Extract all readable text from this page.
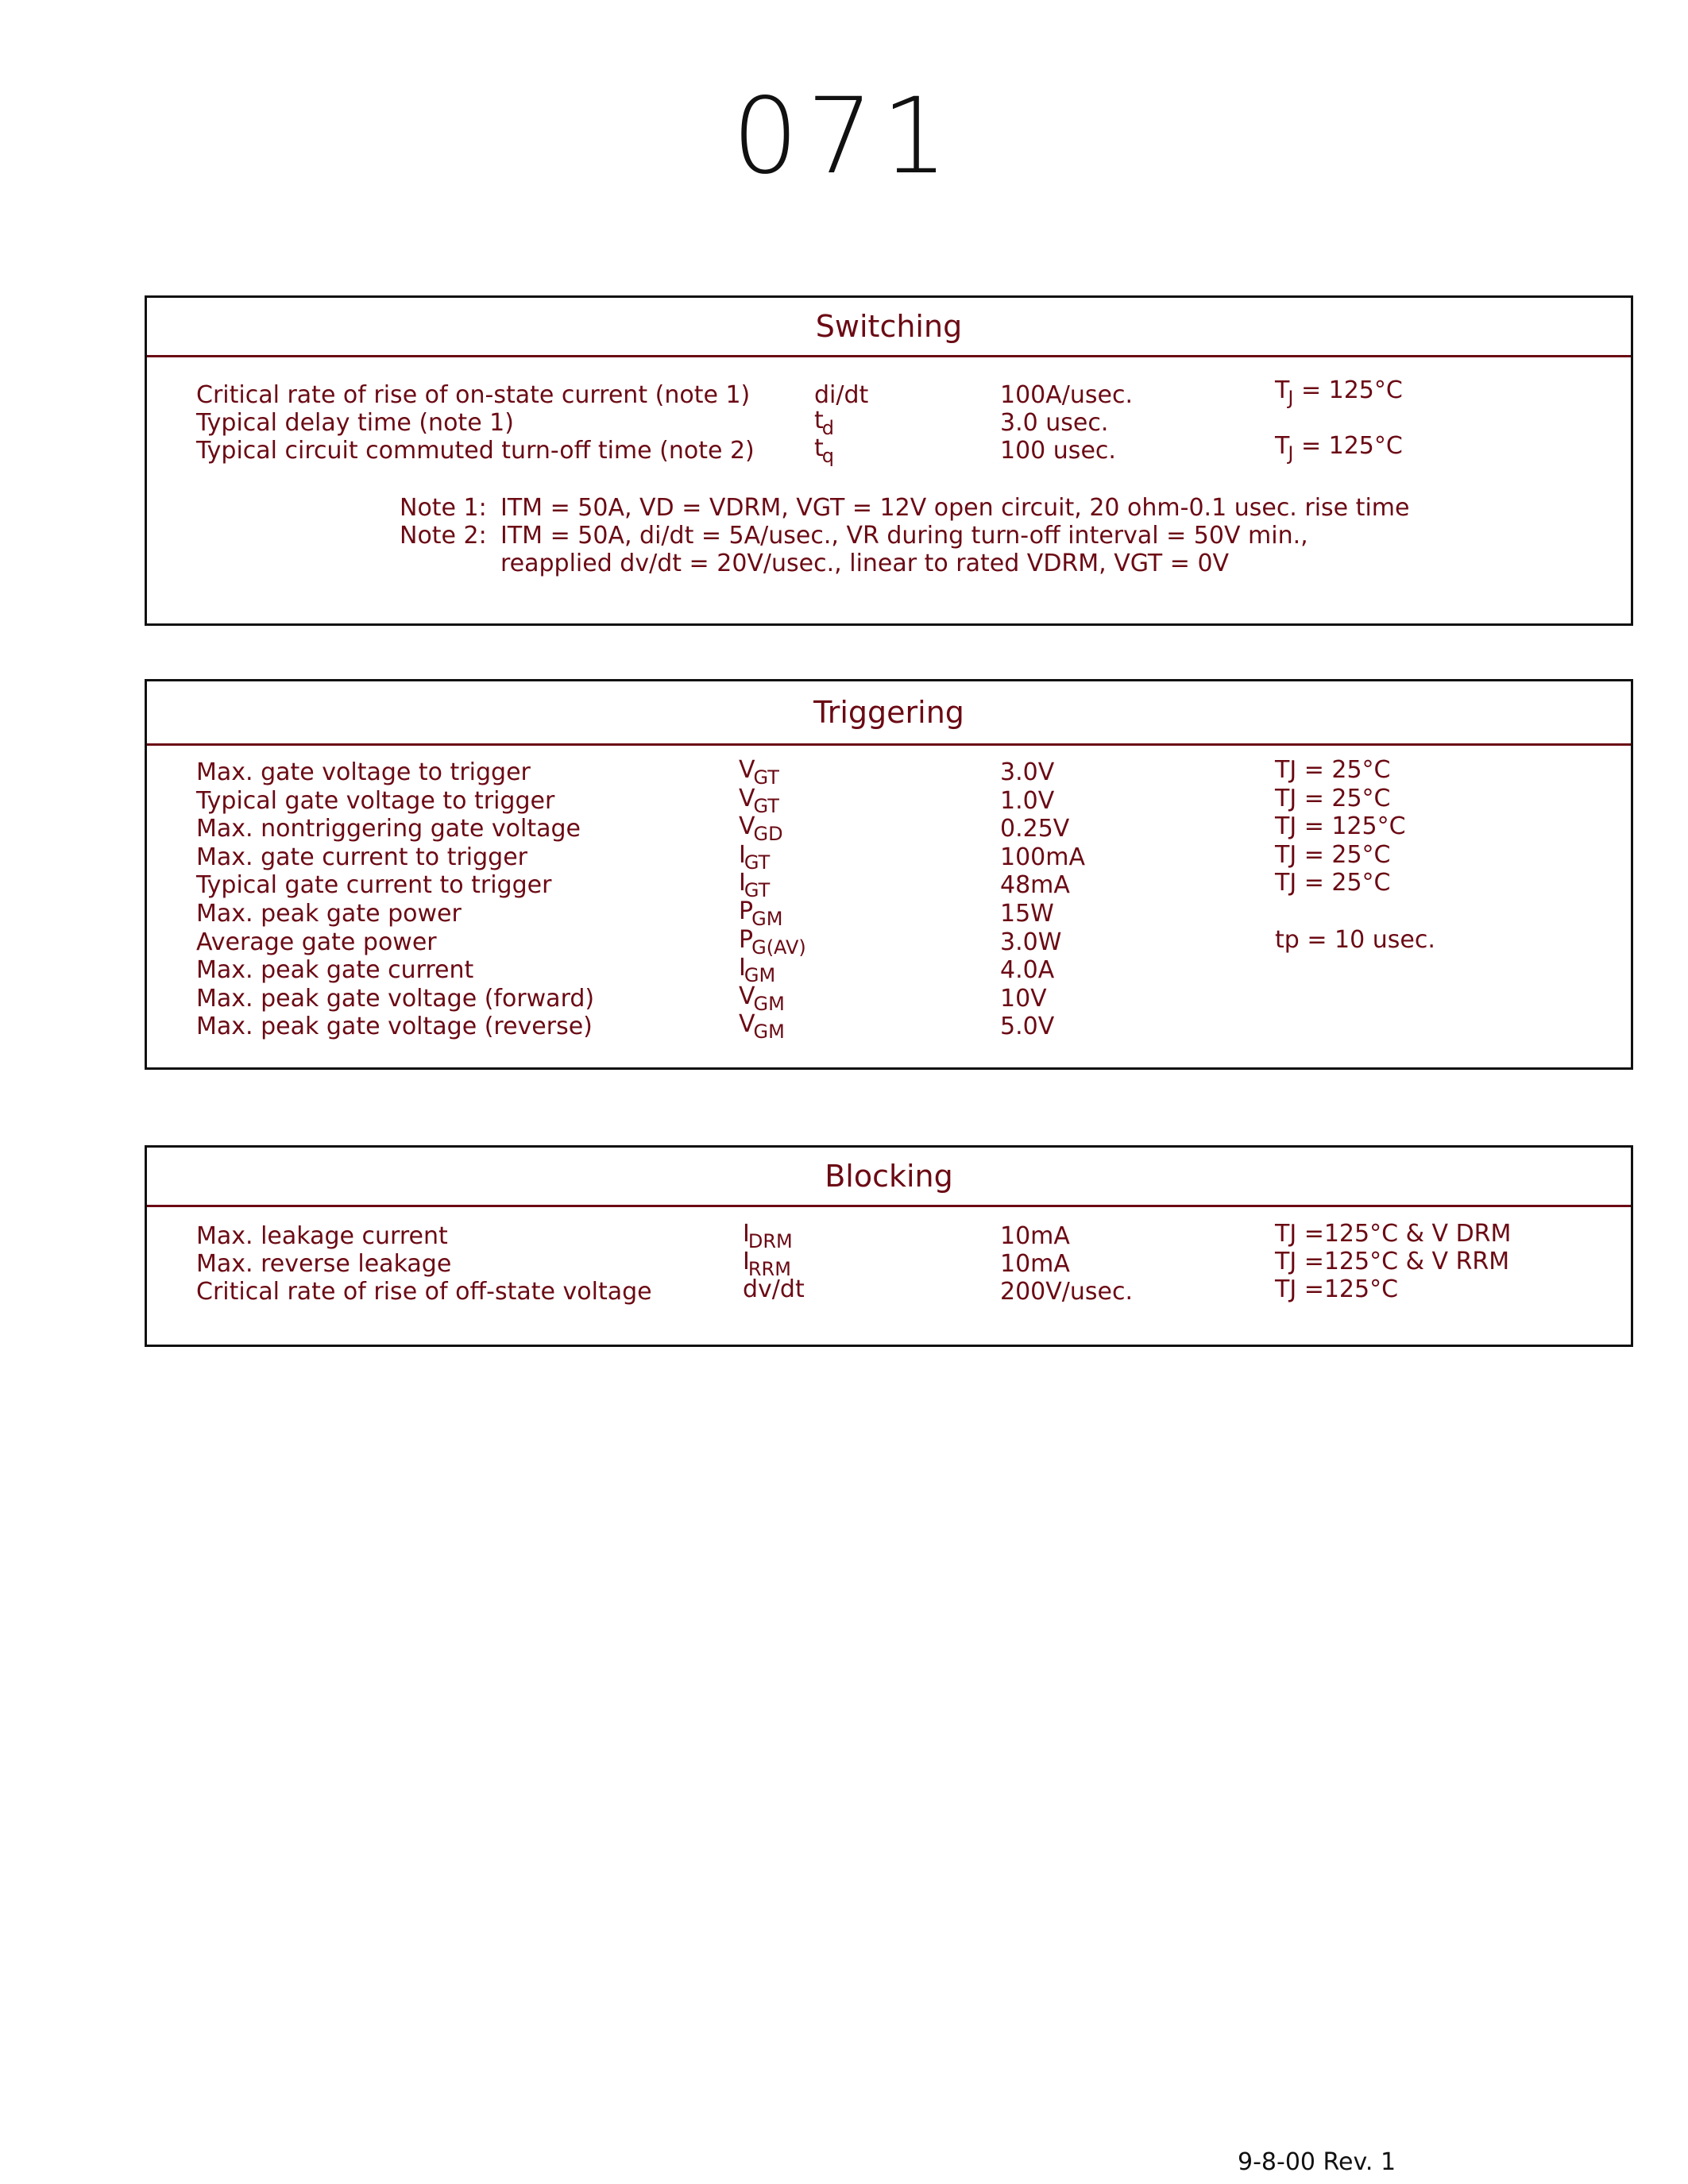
071
Switching
Critical rate of rise of on-state current (note 1)	di/dt	100A/usec.	$T_J = 125^\circ C$
Typical delay time (note 1)	$t_d$	3.0 usec.
Typical circuit commuted turn-off time (note 2)	$t_q$	100 usec.	$T_J = 125^\circ C$
Note 1: ITM = 50A, VD = VDRM, VGT = 12V open circuit, 20 ohm-0.1 usec. rise time
Note 2: ITM = 50A, di/dt = 5A/usec., VR during turn-off interval = 50V min.,
reapplied dv/dt = 20V/usec., linear to rated VDRM, VGT = 0V
Triggering
Max. gate voltage to trigger	$V_{GT}$	3.0V	TJ = 25°C
Typical gate voltage to trigger	$V_{GT}$	1.0V	TJ = 25°C
Max. nontriggering gate voltage	$V_{GD}$	0.25V	TJ = 125°C
Max. gate current to trigger	$I_{GT}$	100mA	TJ = 25°C
Typical gate current to trigger	$I_{GT}$	48mA	TJ = 25°C
Max. peak gate power	$P_{GM}$	15W
Average gate power	$P_{G(AV)}$	3.0W	tp = 10 usec.
Max. peak gate current	$I_{GM}$	4.0A
Max. peak gate voltage (forward)	$V_{GM}$	10V
Max. peak gate voltage (reverse)	$V_{GM}$	5.0V
Blocking
Max. leakage current	$I_{DRM}$	10mA	TJ =125°C & V DRM
Max. reverse leakage	$I_{RRM}$	10mA	TJ =125°C & V RRM
Critical rate of rise of off-state voltage	dv/dt	200V/usec.	TJ =125°C
9-8-00 Rev. 1
